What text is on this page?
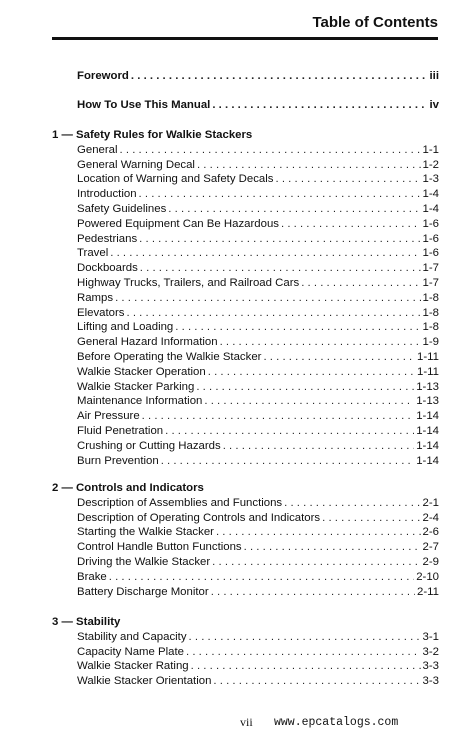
Table of Contents
Foreword . . .	iii
How To Use This Manual . . .	iv
1 — Safety Rules for Walkie Stackers
General . . .	1-1
General Warning Decal . . .	1-2
Location of Warning and Safety Decals . . .	1-3
Introduction . . .	1-4
Safety Guidelines . . .	1-4
Powered Equipment Can Be Hazardous . . .	1-6
Pedestrians . . .	1-6
Travel . . .	1-6
Dockboards . . .	1-7
Highway Trucks, Trailers, and Railroad Cars . . .	1-7
Ramps . . .	1-8
Elevators . . .	1-8
Lifting and Loading . . .	1-8
General Hazard Information . . .	1-9
Before Operating the Walkie Stacker . . .	1-11
Walkie Stacker Operation . . .	1-11
Walkie Stacker Parking . . .	1-13
Maintenance Information . . .	1-13
Air Pressure . . .	1-14
Fluid Penetration . . .	1-14
Crushing or Cutting Hazards . . .	1-14
Burn Prevention . . .	1-14
2 — Controls and Indicators
Description of Assemblies and Functions . . .	2-1
Description of Operating Controls and Indicators . . .	2-4
Starting the Walkie Stacker . . .	2-6
Control Handle Button Functions . . .	2-7
Driving the Walkie Stacker . . .	2-9
Brake . . .	2-10
Battery Discharge Monitor . . .	2-11
3 — Stability
Stability and Capacity . . .	3-1
Capacity Name Plate . . .	3-2
Walkie Stacker Rating . . .	3-3
Walkie Stacker Orientation . . .	3-3
vii www.epcatalogs.com
